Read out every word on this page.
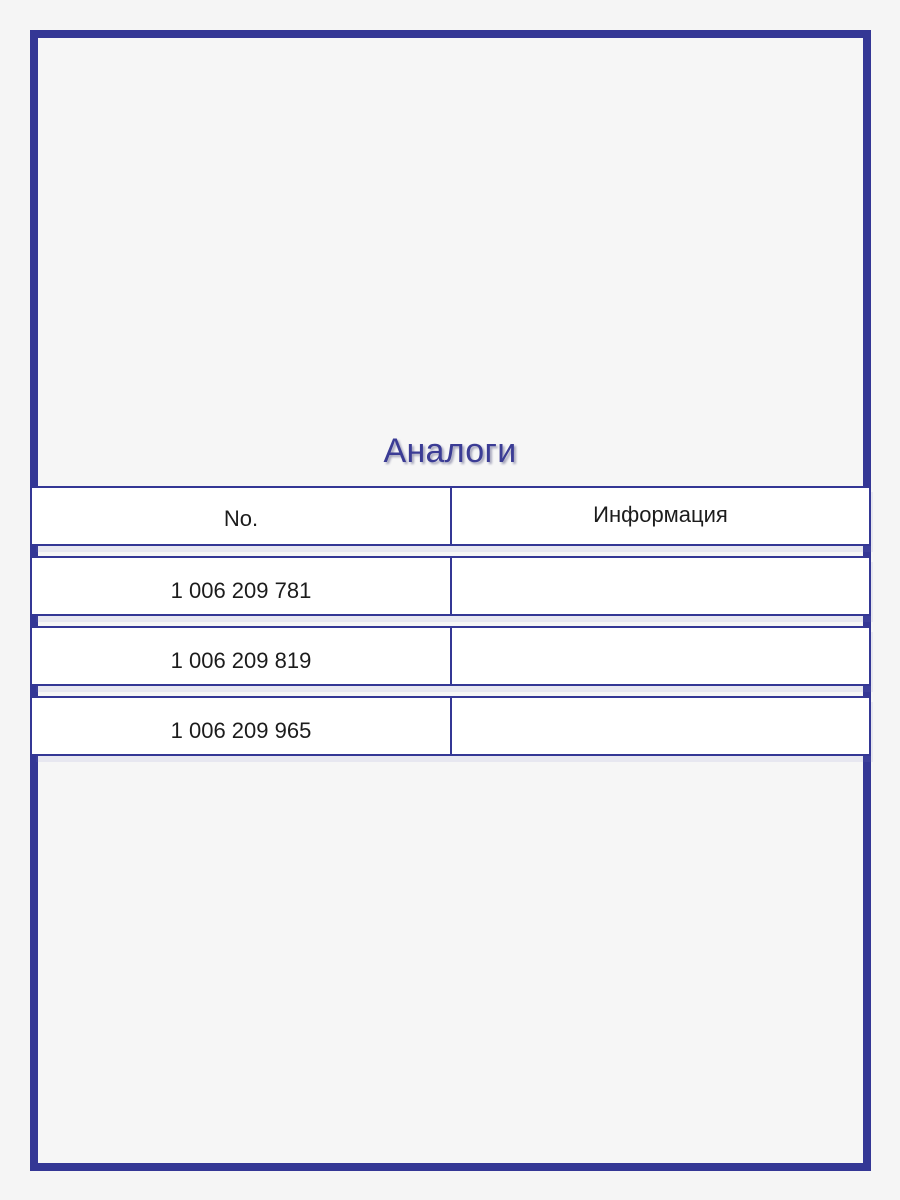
Аналоги
No.	Информация
1 006 209 781
1 006 209 819
1 006 209 965
